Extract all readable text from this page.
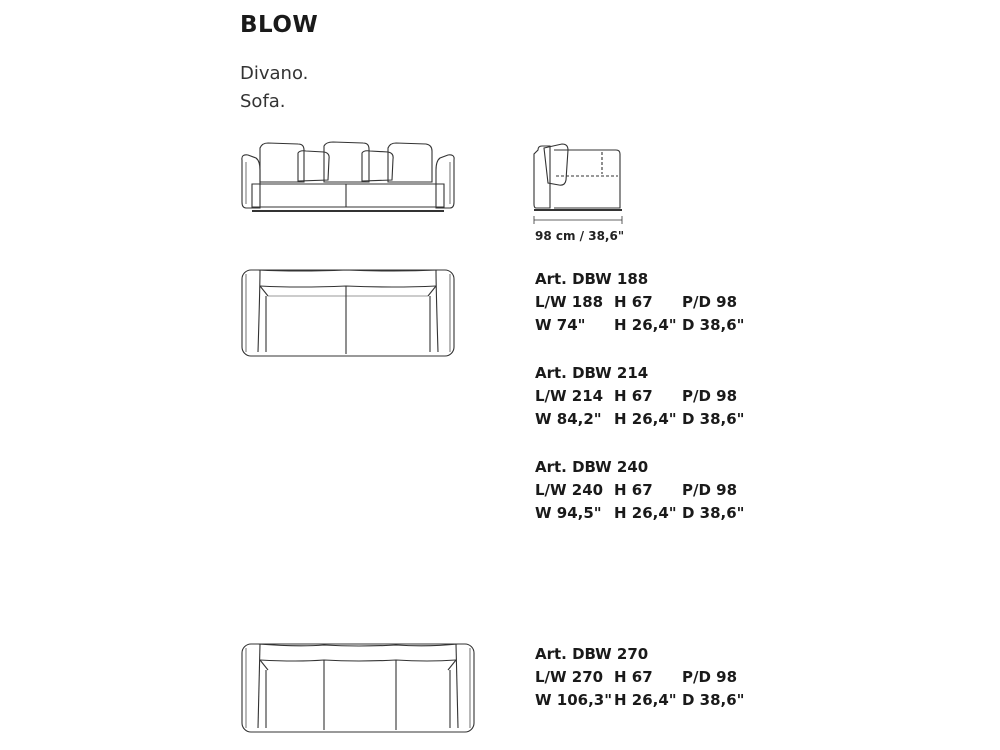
BLOW
Divano.
Sofa.
98 cm / 38,6"
Art. DBW 188
L/W 188 H 67 P/D 98
W 74" H 26,4" D 38,6"
Art. DBW 214
L/W 214 H 67 P/D 98
W 84,2" H 26,4" D 38,6"
Art. DBW 240
L/W 240 H 67 P/D 98
W 94,5" H 26,4" D 38,6"
Art. DBW 270
L/W 270 H 67 P/D 98
W 106,3" H 26,4" D 38,6"
